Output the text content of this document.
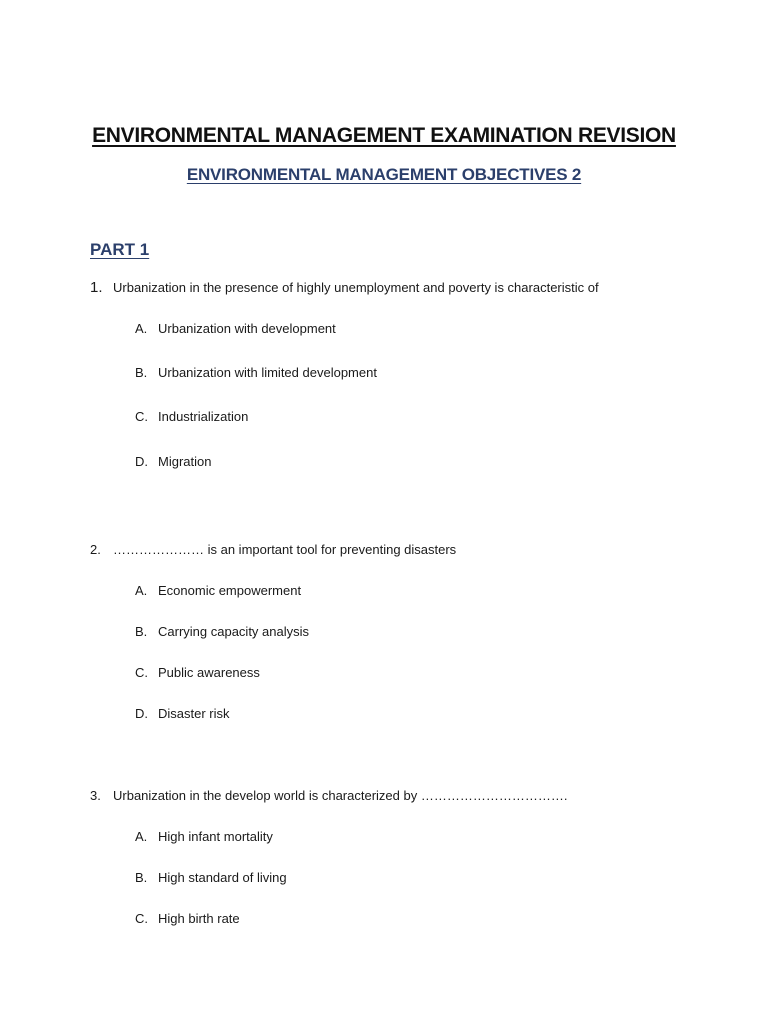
ENVIRONMENTAL MANAGEMENT EXAMINATION REVISION
ENVIRONMENTAL MANAGEMENT OBJECTIVES 2
PART 1
1. Urbanization in the presence of highly unemployment and poverty is characteristic of
A. Urbanization with development
B. Urbanization with limited development
C. Industrialization
D. Migration
2. ………………… is an important tool for preventing disasters
A. Economic empowerment
B. Carrying capacity analysis
C. Public awareness
D. Disaster risk
3. Urbanization in the develop world is characterized by …………………………….
A. High infant mortality
B. High standard of living
C. High birth rate
